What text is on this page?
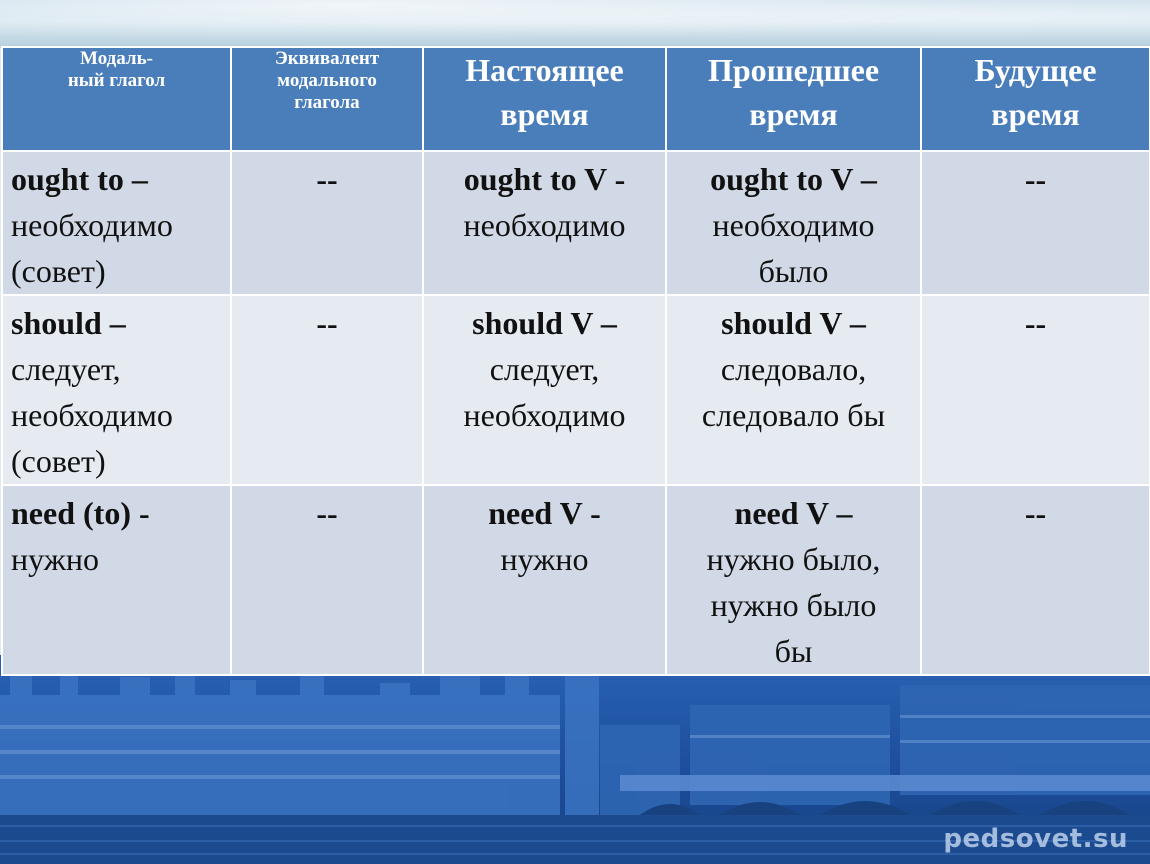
pedsovet.su
Модаль-
ный глагол	Эквивалент
модального
глагола	Настоящее
время	Прошедшее
время	Будущее
время

ought to –
необходимо
(совет)	--	ought to V -
необходимо	ought to V –
необходимо
было	--

should –
следует,
необходимо
(совет)	--	should V –
следует,
необходимо	should V –
следовало,
следовало бы	--

need (to) -
нужно	--	need V -
нужно	need V –
нужно было,
нужно было
бы	--
